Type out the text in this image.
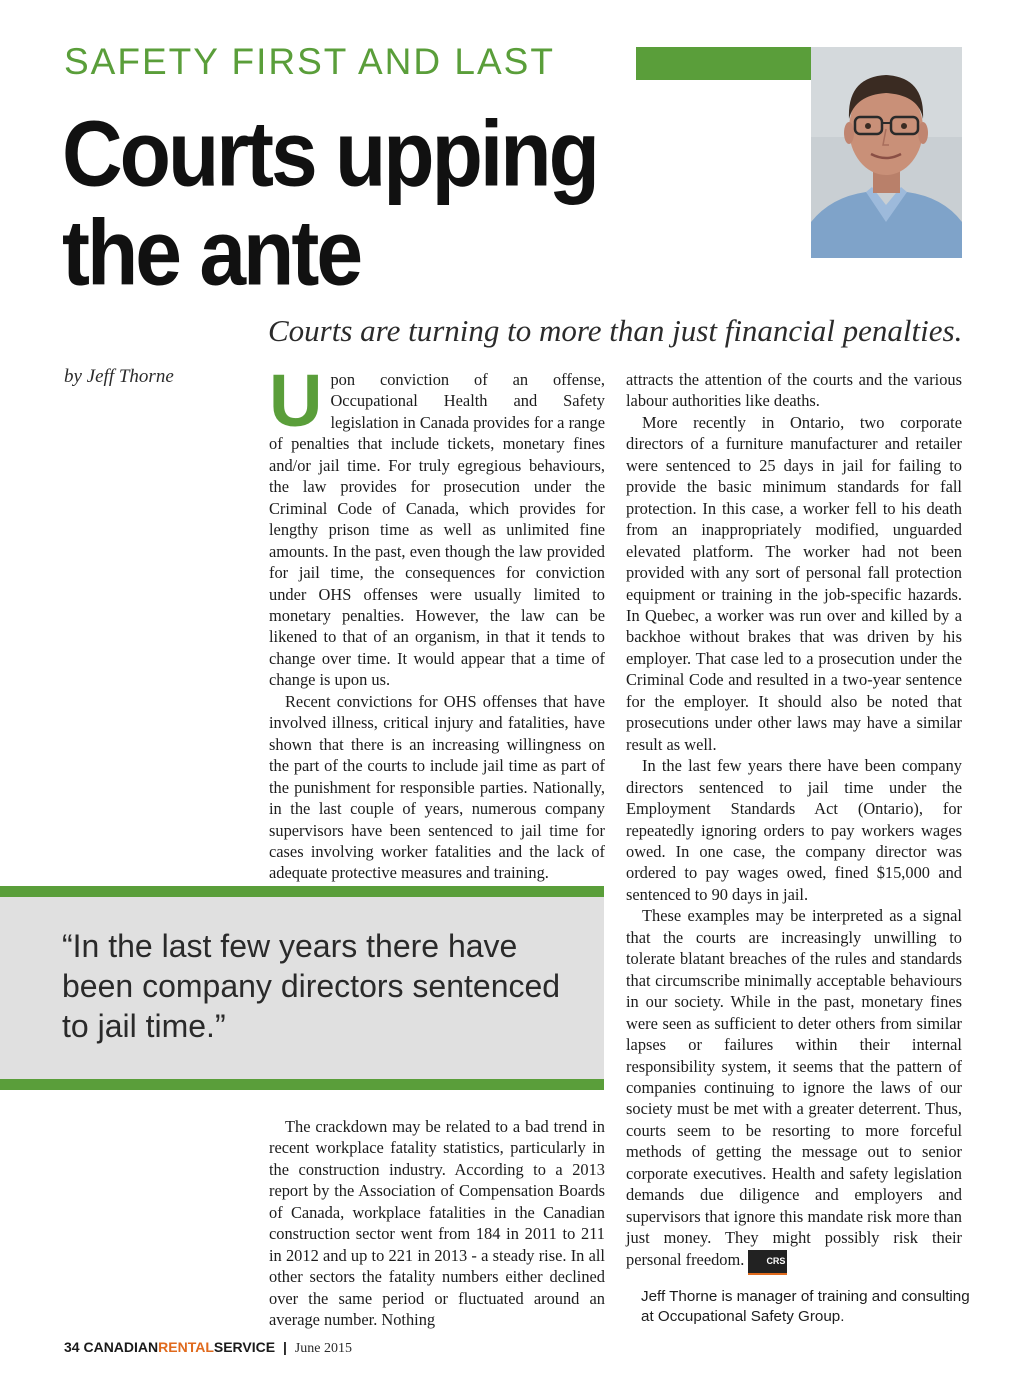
SAFETY FIRST AND LAST
Courts upping
the ante
Courts are turning to more than just financial penalties.
by Jeff Thorne U pon conviction of an offense, Occupational Health and Safety legislation in Canada provides for a range of penalties that include tickets, monetary fines and/or jail time. For truly egregious behaviours, the law provides for prosecution under the Criminal Code of Canada, which provides for lengthy prison time as well as unlimited fine amounts. In the past, even though the law provided for jail time, the consequences for conviction under OHS offenses were usually limited to monetary penalties. However, the law can be likened to that of an organism, in that it tends to change over time. It would appear that a time of change is upon us.

Recent convictions for OHS offenses that have involved illness, critical injury and fatalities, have shown that there is an increasing willingness on the part of the courts to include jail time as part of the punishment for responsible parties. Nationally, in the last couple of years, numerous company supervisors have been sentenced to jail time for cases involving worker fatalities and the lack of adequate protective measures and training.

“In the last few years there have been company directors sentenced to jail time.”

The crackdown may be related to a bad trend in recent workplace fatality statistics, particularly in the construction industry. According to a 2013 report by the Association of Compensation Boards of Canada, workplace fatalities in the Canadian construction sector went from 184 in 2011 to 211 in 2012 and up to 221 in 2013 - a steady rise. In all other sectors the fatality numbers either declined over the same period or fluctuated around an average number. Nothing

attracts the attention of the courts and the various labour authorities like deaths.

More recently in Ontario, two corporate directors of a furniture manufacturer and retailer were sentenced to 25 days in jail for failing to provide the basic minimum standards for fall protection. In this case, a worker fell to his death from an inappropriately modified, unguarded elevated platform. The worker had not been provided with any sort of personal fall protection equipment or training in the job-specific hazards. In Quebec, a worker was run over and killed by a backhoe without brakes that was driven by his employer. That case led to a prosecution under the Criminal Code and resulted in a two-year sentence for the employer. It should also be noted that prosecutions under other laws may have a similar result as well.

In the last few years there have been company directors sentenced to jail time under the Employment Standards Act (Ontario), for repeatedly ignoring orders to pay workers wages owed. In one case, the company director was ordered to pay wages owed, fined $15,000 and sentenced to 90 days in jail.

These examples may be interpreted as a signal that the courts are increasingly unwilling to tolerate blatant breaches of the rules and standards that circumscribe minimally acceptable behaviours in our society. While in the past, monetary fines were seen as sufficient to deter others from similar lapses or failures within their internal responsibility system, it seems that the pattern of companies continuing to ignore the laws of our society must be met with a greater deterrent. Thus, courts seem to be resorting to more forceful methods of getting the message out to senior corporate executives. Health and safety legislation demands due diligence and employers and supervisors that ignore this mandate risk more than just money. They might possibly risk their personal freedom. CRS

Jeff Thorne is manager of training and consulting at Occupational Safety Group.
34 CANADIANRENTALSERVICE | June 2015
